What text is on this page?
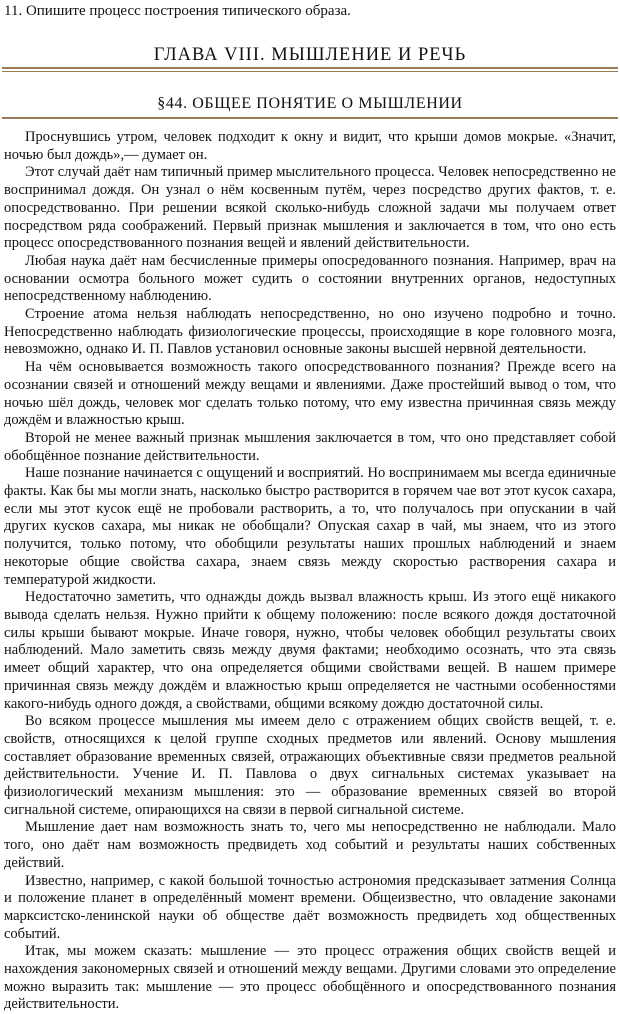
11. Опишите процесс построения типического образа.
ГЛАВА VIII. МЫШЛЕНИЕ И РЕЧЬ
§44. ОБЩЕЕ ПОНЯТИЕ О МЫШЛЕНИИ

Проснувшись утром, человек подходит к окну и видит, что крыши домов мокрые. «Значит, ночью был дождь»,— думает он.

Этот случай даёт нам типичный пример мыслительного процесса. Человек непосредственно не воспринимал дождя. Он узнал о нём косвенным путём, через посредство других фактов, т. е. опосредствованно. При решении всякой сколько-нибудь сложной задачи мы получаем ответ посредством ряда соображений. Первый признак мышления и заключается в том, что оно есть процесс опосредствованного познания вещей и явлений действительности.

Любая наука даёт нам бесчисленные примеры опосредованного познания. Например, врач на основании осмотра больного может судить о состоянии внутренних органов, недоступных непосредственному наблюдению.

Строение атома нельзя наблюдать непосредственно, но оно изучено подробно и точно. Непосредственно наблюдать физиологические процессы, происходящие в коре головного мозга, невозможно, однако И. П. Павлов установил основные законы высшей нервной деятельности.

На чём основывается возможность такого опосредствованного познания? Прежде всего на осознании связей и отношений между вещами и явлениями. Даже простейший вывод о том, что ночью шёл дождь, человек мог сделать только потому, что ему известна причинная связь между дождём и влажностью крыш.

Второй не менее важный признак мышления заключается в том, что оно представляет собой обобщённое познание действительности.

Наше познание начинается с ощущений и восприятий. Но воспринимаем мы всегда единичные факты. Как бы мы могли знать, насколько быстро растворится в горячем чае вот этот кусок сахара, если мы этот кусок ещё не пробовали растворить, а то, что получалось при опускании в чай других кусков сахара, мы никак не обобщали? Опуская сахар в чай, мы знаем, что из этого получится, только потому, что обобщили результаты наших прошлых наблюдений и знаем некоторые общие свойства сахара, знаем связь между скоростью растворения сахара и температурой жидкости.

Недостаточно заметить, что однажды дождь вызвал влажность крыш. Из этого ещё никакого вывода сделать нельзя. Нужно прийти к общему положению: после всякого дождя достаточной силы крыши бывают мокрые. Иначе говоря, нужно, чтобы человек обобщил результаты своих наблюдений. Мало заметить связь между двумя фактами; необходимо осознать, что эта связь имеет общий характер, что она определяется общими свойствами вещей. В нашем примере причинная связь между дождём и влажностью крыш определяется не частными особенностями какого-нибудь одного дождя, а свойствами, общими всякому дождю достаточной силы.

Во всяком процессе мышления мы имеем дело с отражением общих свойств вещей, т. е. свойств, относящихся к целой группе сходных предметов или явлений. Основу мышления составляет образование временных связей, отражающих объективные связи предметов реальной действительности. Учение И. П. Павлова о двух сигнальных системах указывает на физиологический механизм мышления: это — образование временных связей во второй сигнальной системе, опирающихся на связи в первой сигнальной системе.

Мышление дает нам возможность знать то, чего мы непосредственно не наблюдали. Мало того, оно даёт нам возможность предвидеть ход событий и результаты наших собственных действий.

Известно, например, с какой большой точностью астрономия предсказывает затмения Солнца и положение планет в определённый момент времени. Общеизвестно, что овладение законами марксистско-ленинской науки об обществе даёт возможность предвидеть ход общественных событий.

Итак, мы можем сказать: мышление — это процесс отражения общих свойств вещей и нахождения закономерных связей и отношений между вещами. Другими словами это определение можно выразить так: мышление — это процесс обобщённого и опосредствованного познания действительности.
